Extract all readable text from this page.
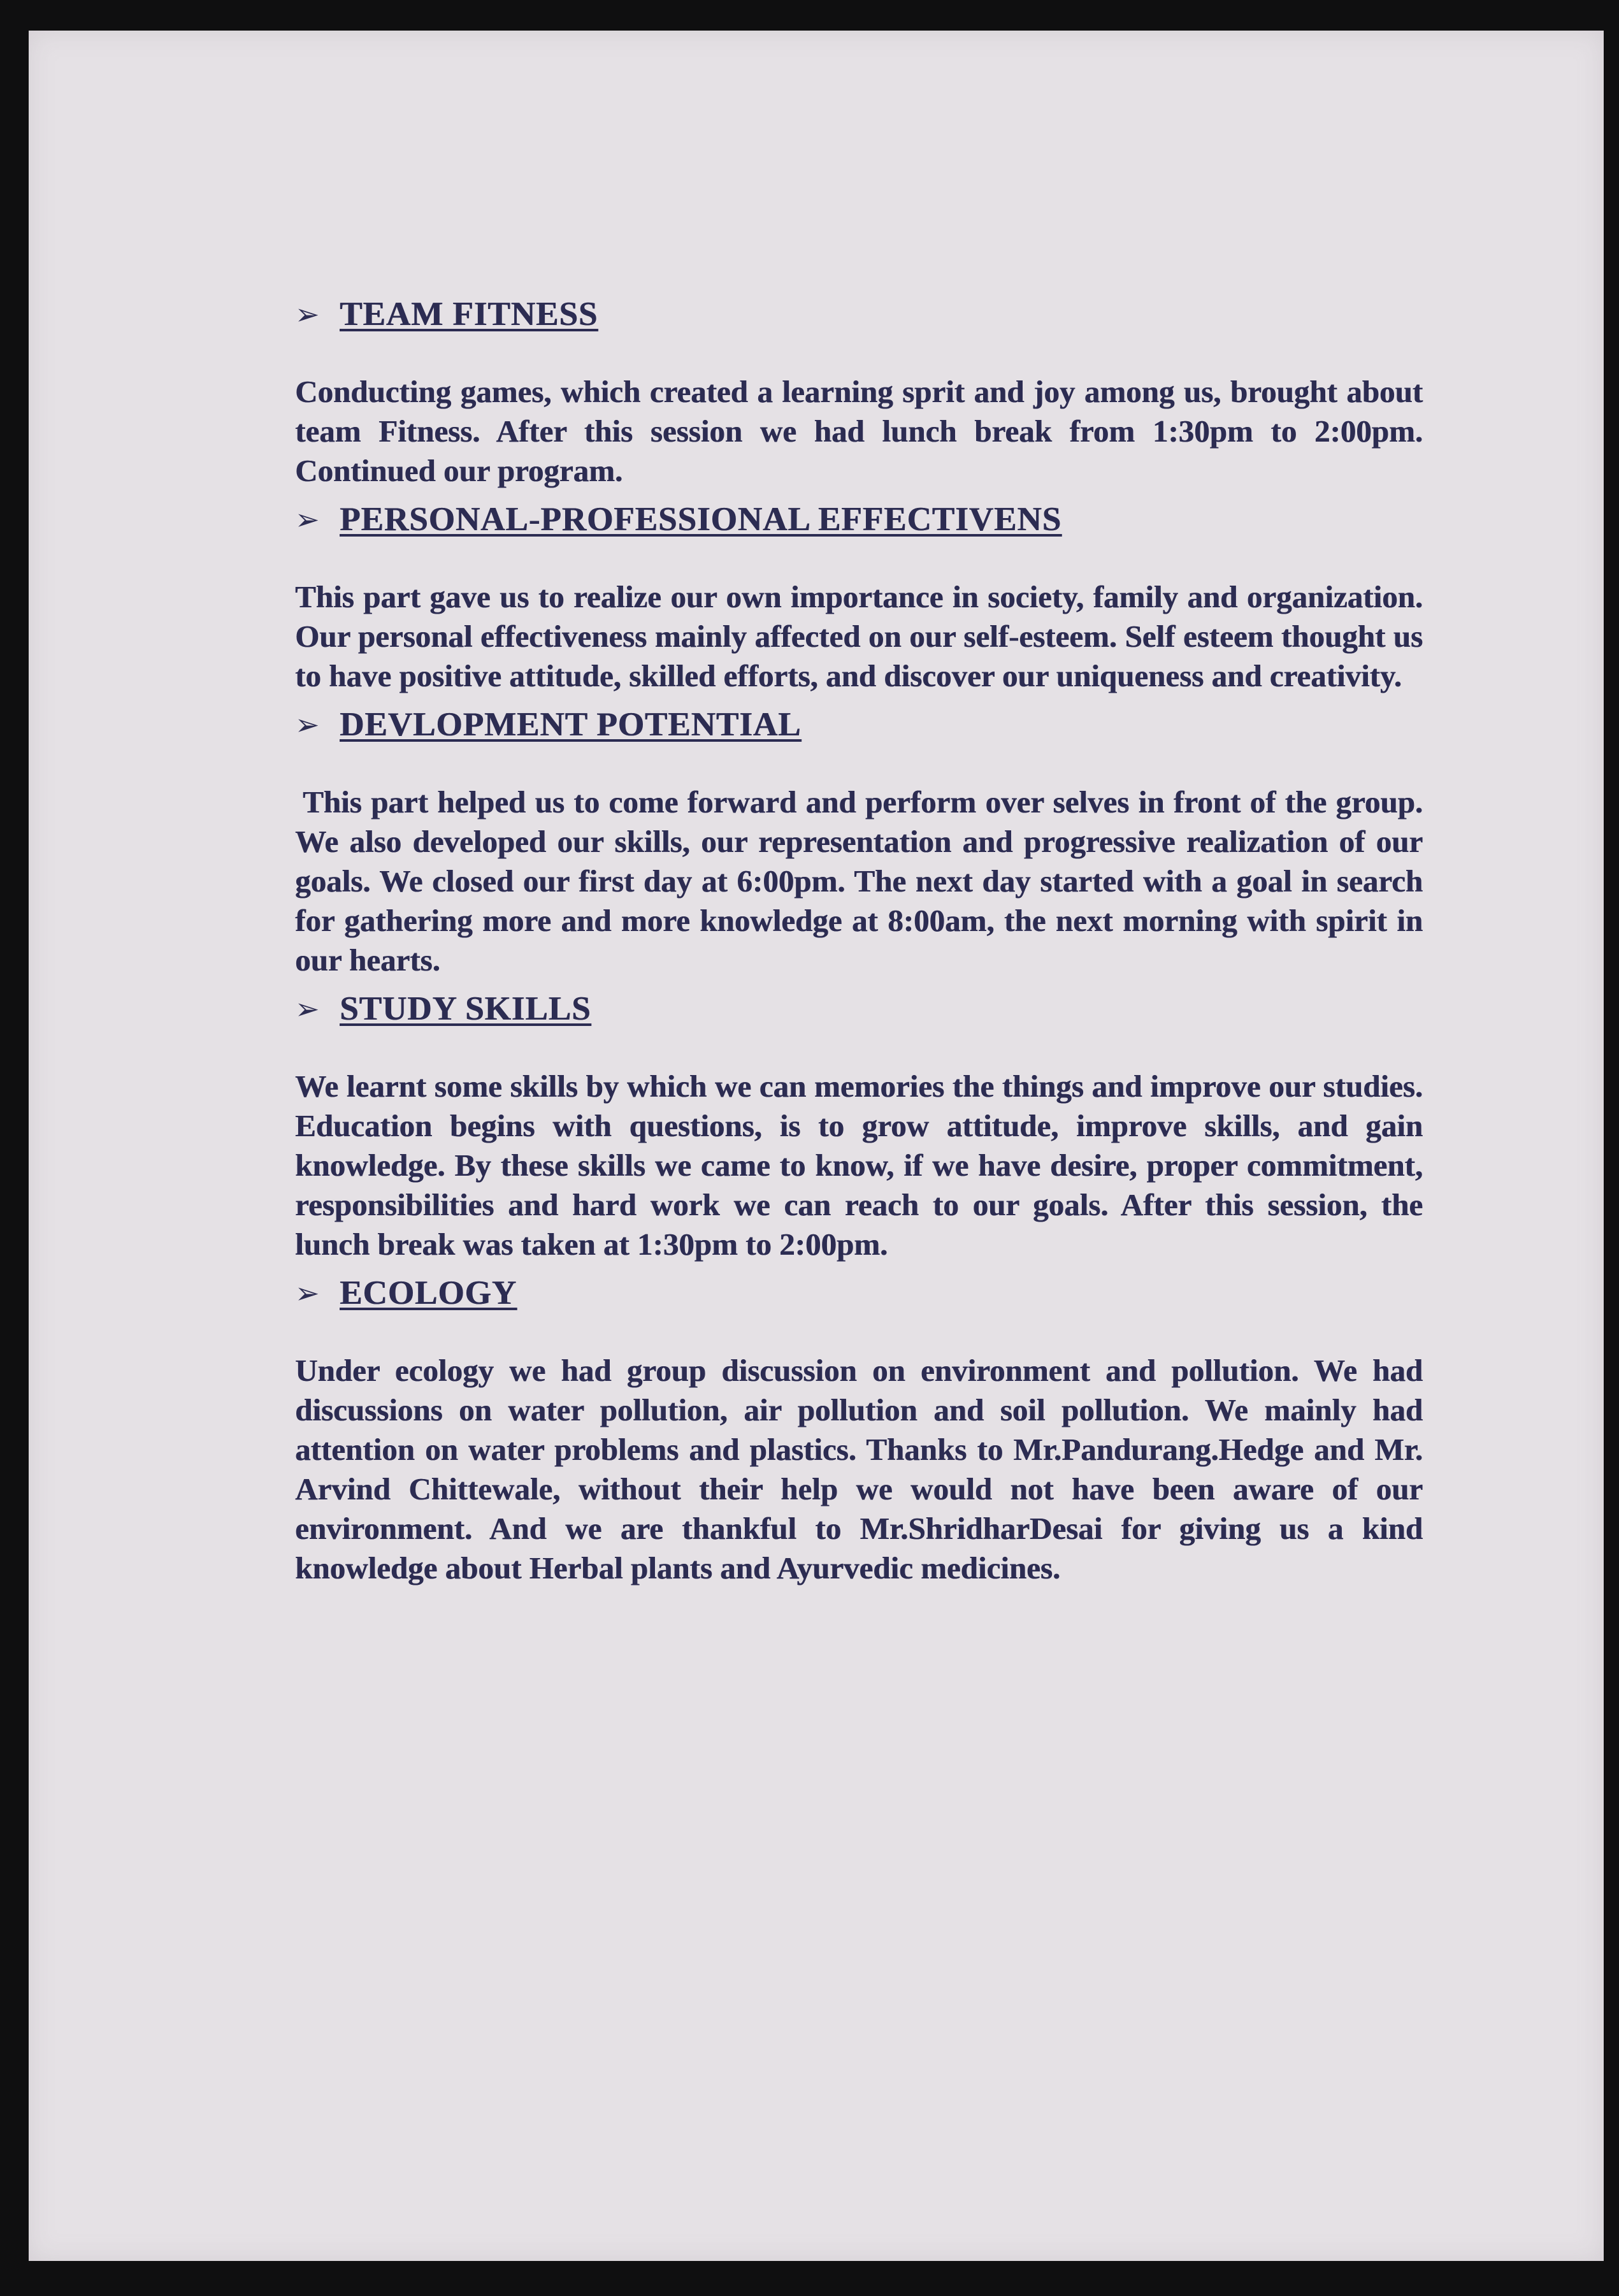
➢ TEAM FITNESS

Conducting games, which created a learning sprit and joy among us, brought about team Fitness. After this session we had lunch break from 1:30pm to 2:00pm. Continued our program.

➢ PERSONAL-PROFESSIONAL EFFECTIVENS

This part gave us to realize our own importance in society, family and organization. Our personal effectiveness mainly affected on our self-esteem. Self esteem thought us to have positive attitude, skilled efforts, and discover our uniqueness and creativity.

➢ DEVLOPMENT POTENTIAL

This part helped us to come forward and perform over selves in front of the group. We also developed our skills, our representation and progressive realization of our goals. We closed our first day at 6:00pm. The next day started with a goal in search for gathering more and more knowledge at 8:00am, the next morning with spirit in our hearts.

➢ STUDY SKILLS

We learnt some skills by which we can memories the things and improve our studies. Education begins with questions, is to grow attitude, improve skills, and gain knowledge. By these skills we came to know, if we have desire, proper commitment, responsibilities and hard work we can reach to our goals. After this session, the lunch break was taken at 1:30pm to 2:00pm.

➢ ECOLOGY

Under ecology we had group discussion on environment and pollution. We had discussions on water pollution, air pollution and soil pollution. We mainly had attention on water problems and plastics. Thanks to Mr.Pandurang.Hedge and Mr. Arvind Chittewale, without their help we would not have been aware of our environment. And we are thankful to Mr.ShridharDesai for giving us a kind knowledge about Herbal plants and Ayurvedic medicines.
